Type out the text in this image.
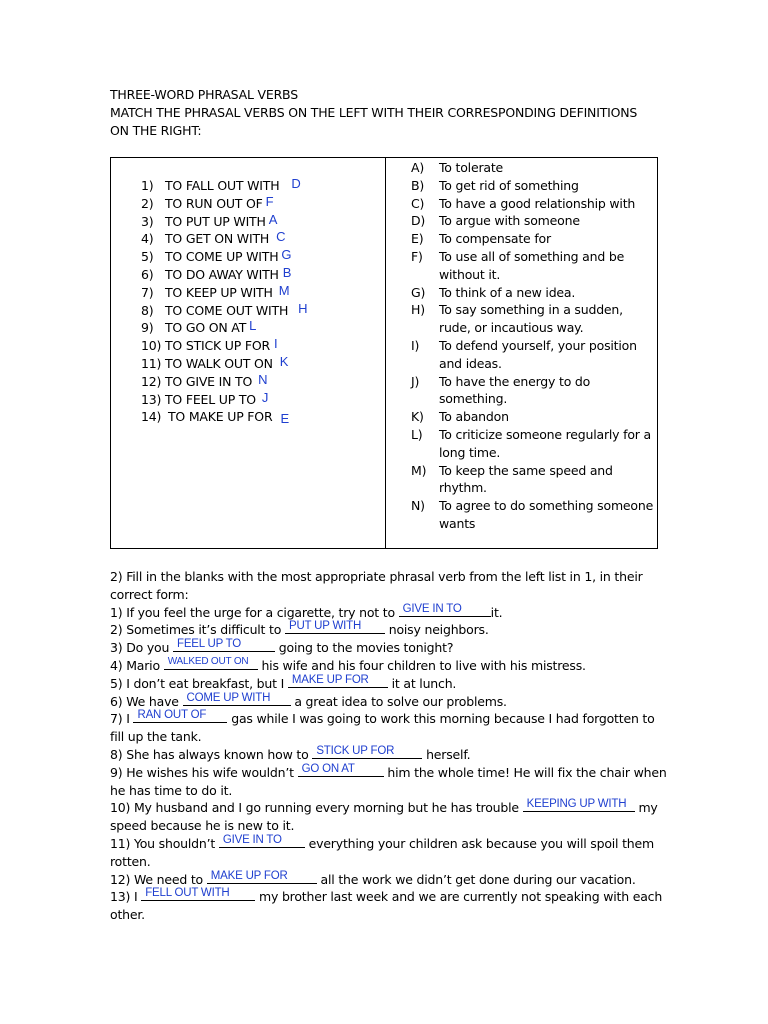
THREE-WORD PHRASAL VERBS
MATCH THE PHRASAL VERBS ON THE LEFT WITH THEIR CORRESPONDING DEFINITIONS
ON THE RIGHT:
1) TO FALL OUT WITH D
2) TO RUN OUT OF F
3) TO PUT UP WITH A
4) TO GET ON WITH C
5) TO COME UP WITH G
6) TO DO AWAY WITH B
7) TO KEEP UP WITH M
8) TO COME OUT WITH H
9) TO GO ON AT L
10) TO STICK UP FOR I
11) TO WALK OUT ON K
12) TO GIVE IN TO N
13) TO FEEL UP TO J
14) TO MAKE UP FOR E
A)	To tolerate
B)	To get rid of something
C)	To have a good relationship with
D)	To argue with someone
E)	To compensate for
F)	To use all of something and be without it.
G)	To think of a new idea.
H)	To say something in a sudden, rude, or incautious way.
I)	To defend yourself, your position and ideas.
J)	To have the energy to do something.
K)	To abandon
L)	To criticize someone regularly for a long time.
M)	To keep the same speed and rhythm.
N)	To agree to do something someone wants

2) Fill in the blanks with the most appropriate phrasal verb from the left list in 1, in their correct form:

1) If you feel the urge for a cigarette, try not to GIVE IN TO it.

2) Sometimes it’s difficult to PUT UP WITH noisy neighbors.

3) Do you FEEL UP TO	going to the movies tonight?

4) Mario WALKED OUT ON his wife and his four children to live with his mistress.

5) I don’t eat breakfast, but I MAKE UP FOR it at lunch.

6) We have COME UP WITH a great idea to solve our problems.

7) I RAN OUT OF gas while I was going to work this morning because I had forgotten to fill up the tank.

8) She has always known how to STICK UP FOR herself.

9) He wishes his wife wouldn’t GO ON AT him the whole time! He will fix the chair when he has time to do it.

10) My husband and I go running every morning but he has trouble KEEPING UP WITH my speed because he is new to it.

11) You shouldn’t GIVE IN TO everything your children ask because you will spoil them rotten.

12) We need to MAKE UP FOR all the work we didn’t get done during our vacation.

13) I FELL OUT WITH my brother last week and we are currently not speaking with each other.
